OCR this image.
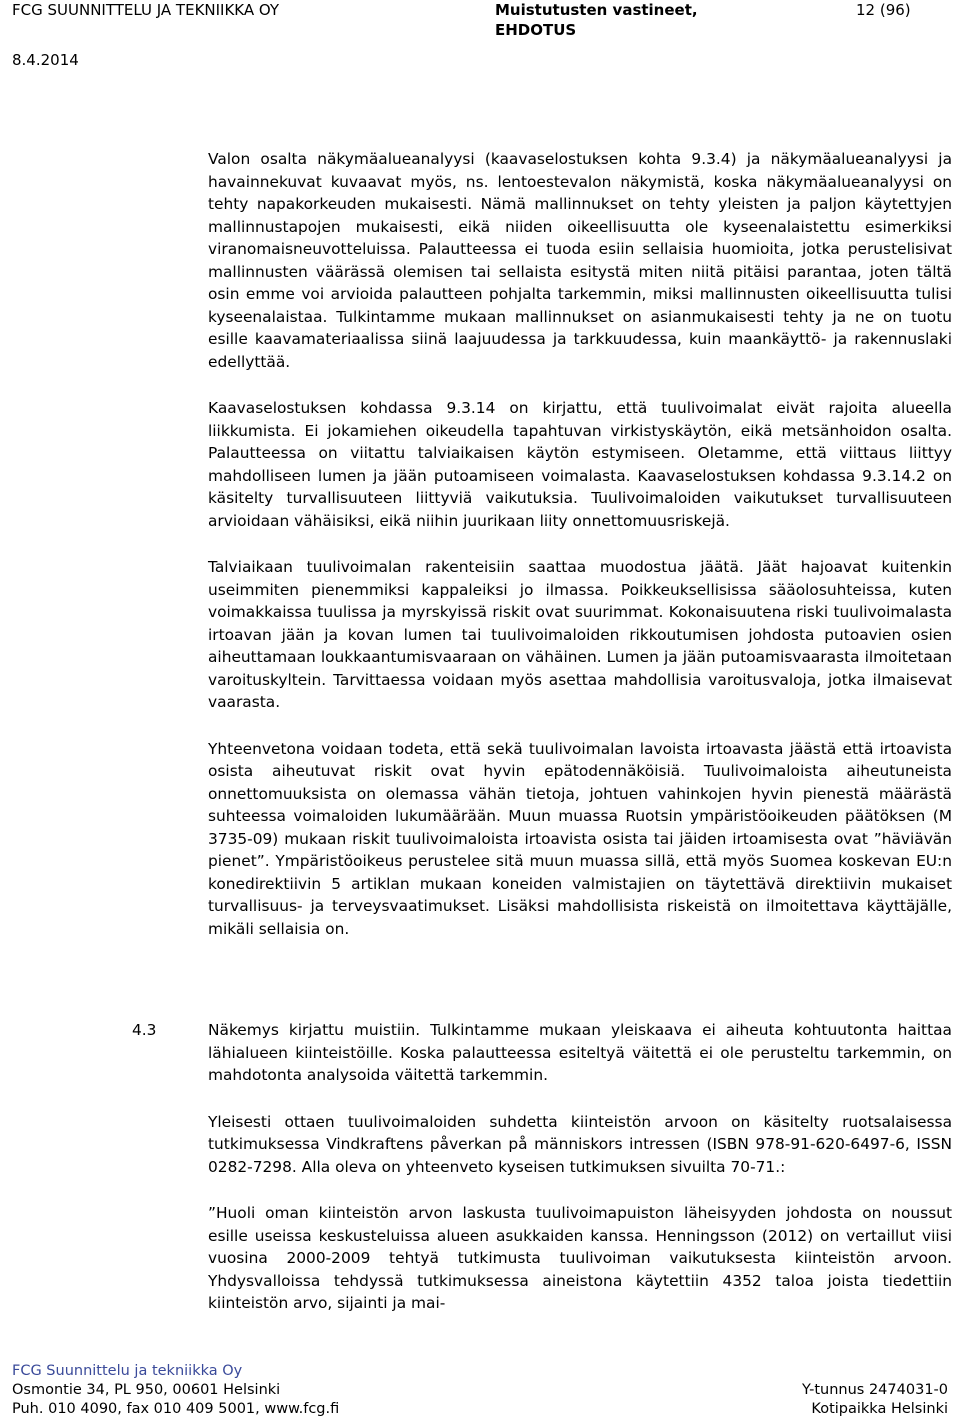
FCG SUUNNITTELU JA TEKNIIKKA OY	Muistutusten vastineet, EHDOTUS
12 (96)
8.4.2014

Valon osalta näkymäalueanalyysi (kaavaselostuksen kohta 9.3.4) ja näkymäalueanalyysi ja havainnekuvat kuvaavat myös, ns. lentoestevalon näkymistä, koska näkymäalueanalyysi on tehty napakorkeuden mukaisesti. Nämä mallinnukset on tehty yleisten ja paljon käytettyjen mallinnustapojen mukaisesti, eikä niiden oikeellisuutta ole kyseenalaistettu esimerkiksi viranomaisneuvotteluissa. Palautteessa ei tuoda esiin sellaisia huomioita, jotka perustelisivat mallinnusten väärässä olemisen tai sellaista esitystä miten niitä pitäisi parantaa, joten tältä osin emme voi arvioida palautteen pohjalta tarkemmin, miksi mallinnusten oikeellisuutta tulisi kyseenalaistaa. Tulkintamme mukaan mallinnukset on asianmukaisesti tehty ja ne on tuotu esille kaavamateriaalissa siinä laajuudessa ja tarkkuudessa, kuin maankäyttö- ja rakennuslaki edellyttää.

Kaavaselostuksen kohdassa 9.3.14 on kirjattu, että tuulivoimalat eivät rajoita alueella liikkumista. Ei jokamiehen oikeudella tapahtuvan virkistyskäytön, eikä metsänhoidon osalta. Palautteessa on viitattu talviaikaisen käytön estymiseen. Oletamme, että viittaus liittyy mahdolliseen lumen ja jään putoamiseen voimalasta. Kaavaselostuksen kohdassa 9.3.14.2 on käsitelty turvallisuuteen liittyviä vaikutuksia. Tuulivoimaloiden vaikutukset turvallisuuteen arvioidaan vähäisiksi, eikä niihin juurikaan liity onnettomuusriskejä.

Talviaikaan tuulivoimalan rakenteisiin saattaa muodostua jäätä. Jäät hajoavat kuitenkin useimmiten pienemmiksi kappaleiksi jo ilmassa. Poikkeuksellisissa sääolosuhteissa, kuten voimakkaissa tuulissa ja myrskyissä riskit ovat suurimmat. Kokonaisuutena riski tuulivoimalasta irtoavan jään ja kovan lumen tai tuulivoimaloiden rikkoutumisen johdosta putoavien osien aiheuttamaan loukkaantumisvaaraan on vähäinen. Lumen ja jään putoamisvaarasta ilmoitetaan varoituskyltein. Tarvittaessa voidaan myös asettaa mahdollisia varoitusvaloja, jotka ilmaisevat vaarasta.

Yhteenvetona voidaan todeta, että sekä tuulivoimalan lavoista irtoavasta jäästä että irtoavista osista aiheutuvat riskit ovat hyvin epätodennäköisiä. Tuulivoimaloista aiheutuneista onnettomuuksista on olemassa vähän tietoja, johtuen vahinkojen hyvin pienestä määrästä suhteessa voimaloiden lukumäärään. Muun muassa Ruotsin ympäristöoikeuden päätöksen (M 3735-09) mukaan riskit tuulivoimaloista irtoavista osista tai jäiden irtoamisesta ovat ”häviävän pienet”. Ympäristöoikeus perustelee sitä muun muassa sillä, että myös Suomea koskevan EU:n konedirektiivin 5 artiklan mukaan koneiden valmistajien on täytettävä direktiivin mukaiset turvallisuus- ja terveysvaatimukset. Lisäksi mahdollisista riskeistä on ilmoitettava käyttäjälle, mikäli sellaisia on.

4.3	Näkemys kirjattu muistiin. Tulkintamme mukaan yleiskaava ei aiheuta kohtuutonta haittaa lähialueen kiinteistöille. Koska palautteessa esiteltyä väitettä ei ole perusteltu tarkemmin, on mahdotonta analysoida väitettä tarkemmin.

Yleisesti ottaen tuulivoimaloiden suhdetta kiinteistön arvoon on käsitelty ruotsalaisessa tutkimuksessa Vindkraftens påverkan på människors intressen (ISBN 978-91-620-6497-6, ISSN 0282-7298. Alla oleva on yhteenveto kyseisen tutkimuksen sivuilta 70-71.:

”Huoli oman kiinteistön arvon laskusta tuulivoimapuiston läheisyyden johdosta on noussut esille useissa keskusteluissa alueen asukkaiden kanssa. Henningsson (2012) on vertaillut viisi vuosina 2000-2009 tehtyä tutkimusta tuulivoiman vaikutuksesta kiinteistön arvoon. Yhdysvalloissa tehdyssä tutkimuksessa aineistona käytettiin 4352 taloa joista tiedettiin kiinteistön arvo, sijainti ja mai-

FCG Suunnittelu ja tekniikka Oy
Osmontie 34, PL 950, 00601 Helsinki	Y-tunnus 2474031-0
Puh. 010 4090, fax 010 409 5001, www.fcg.fi	Kotipaikka Helsinki
